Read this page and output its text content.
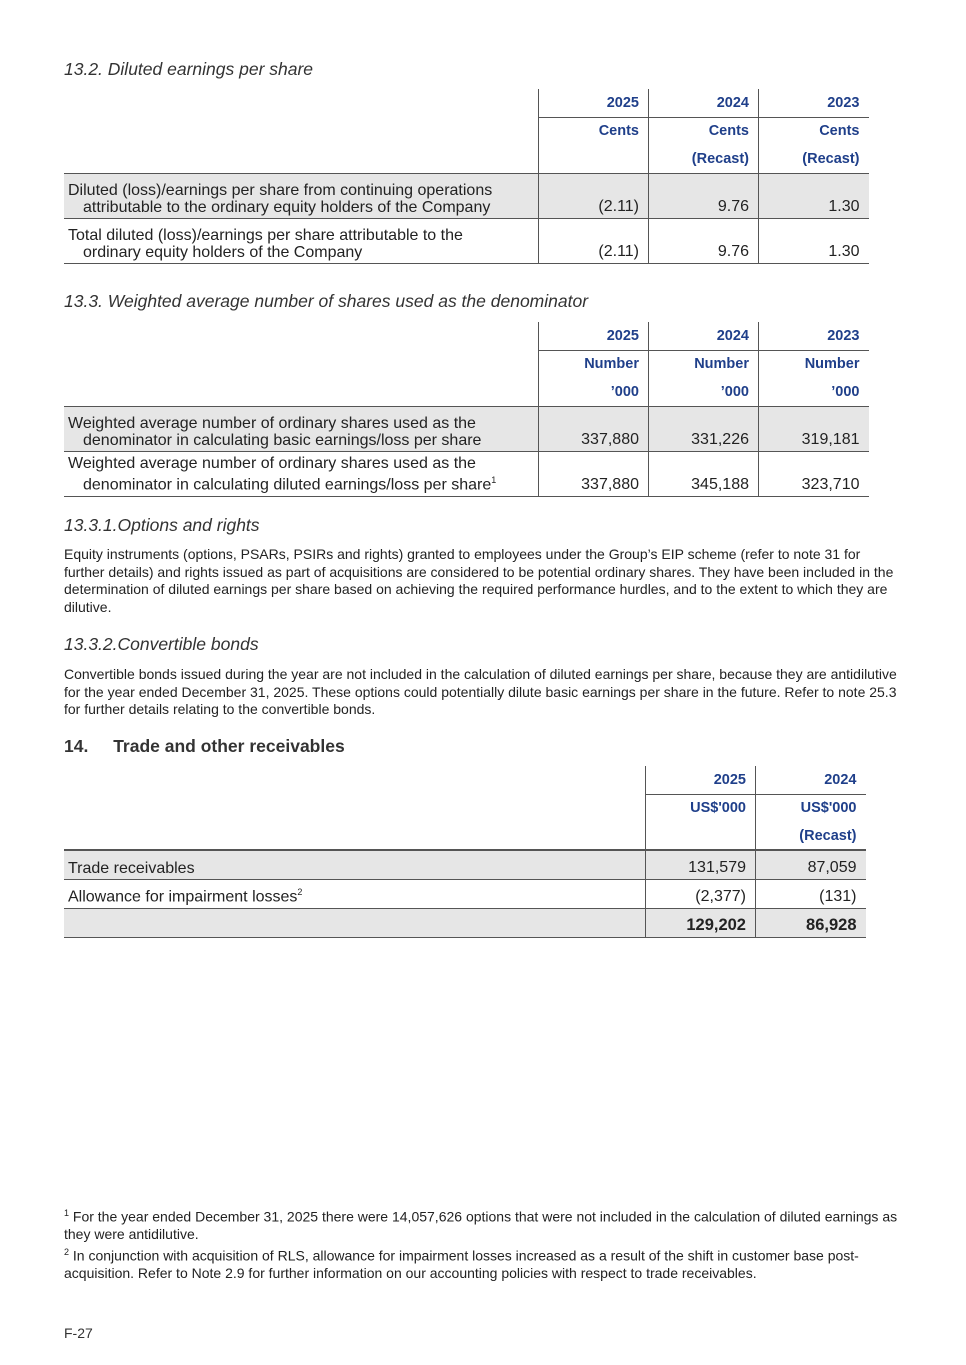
13.2. Diluted earnings per share
	2025	2024	2023
	Cents	Cents	Cents
		(Recast)	(Recast)
Diluted (loss)/earnings per share from continuing operations
attributable to the ordinary equity holders of the Company	(2.11)	9.76	1.30
Total diluted (loss)/earnings per share attributable to the
ordinary equity holders of the Company	(2.11)	9.76	1.30
13.3. Weighted average number of shares used as the denominator
	2025	2024	2023
	Number	Number	Number
	’000	’000	’000
Weighted average number of ordinary shares used as the
denominator in calculating basic earnings/loss per share	337,880	331,226	319,181
Weighted average number of ordinary shares used as the
denominator in calculating diluted earnings/loss per share$^1$	337,880	345,188	323,710
13.3.1.Options and rights

Equity instruments (options, PSARs, PSIRs and rights) granted to employees under the Group’s EIP scheme (refer to note 31 for further details) and rights issued as part of acquisitions are considered to be potential ordinary shares. They have been included in the determination of diluted earnings per share based on achieving the required performance hurdles, and to the extent to which they are dilutive.

13.3.2.Convertible bonds

Convertible bonds issued during the year are not included in the calculation of diluted earnings per share, because they are antidilutive for the year ended December 31, 2025. These options could potentially dilute basic earnings per share in the future. Refer to note 25.3 for further details relating to the convertible bonds.

14. Trade and other receivables
	2025	2024
	US$'000	US$'000
		(Recast)
Trade receivables	131,579	87,059
Allowance for impairment losses$^2$	(2,377)	(131)
	129,202	86,928

$^1$ For the year ended December 31, 2025 there were 14,057,626 options that were not included in the calculation of diluted earnings as they were antidilutive.

$^2$ In conjunction with acquisition of RLS, allowance for impairment losses increased as a result of the shift in customer base post-acquisition. Refer to Note 2.9 for further information on our accounting policies with respect to trade receivables.

F-27
